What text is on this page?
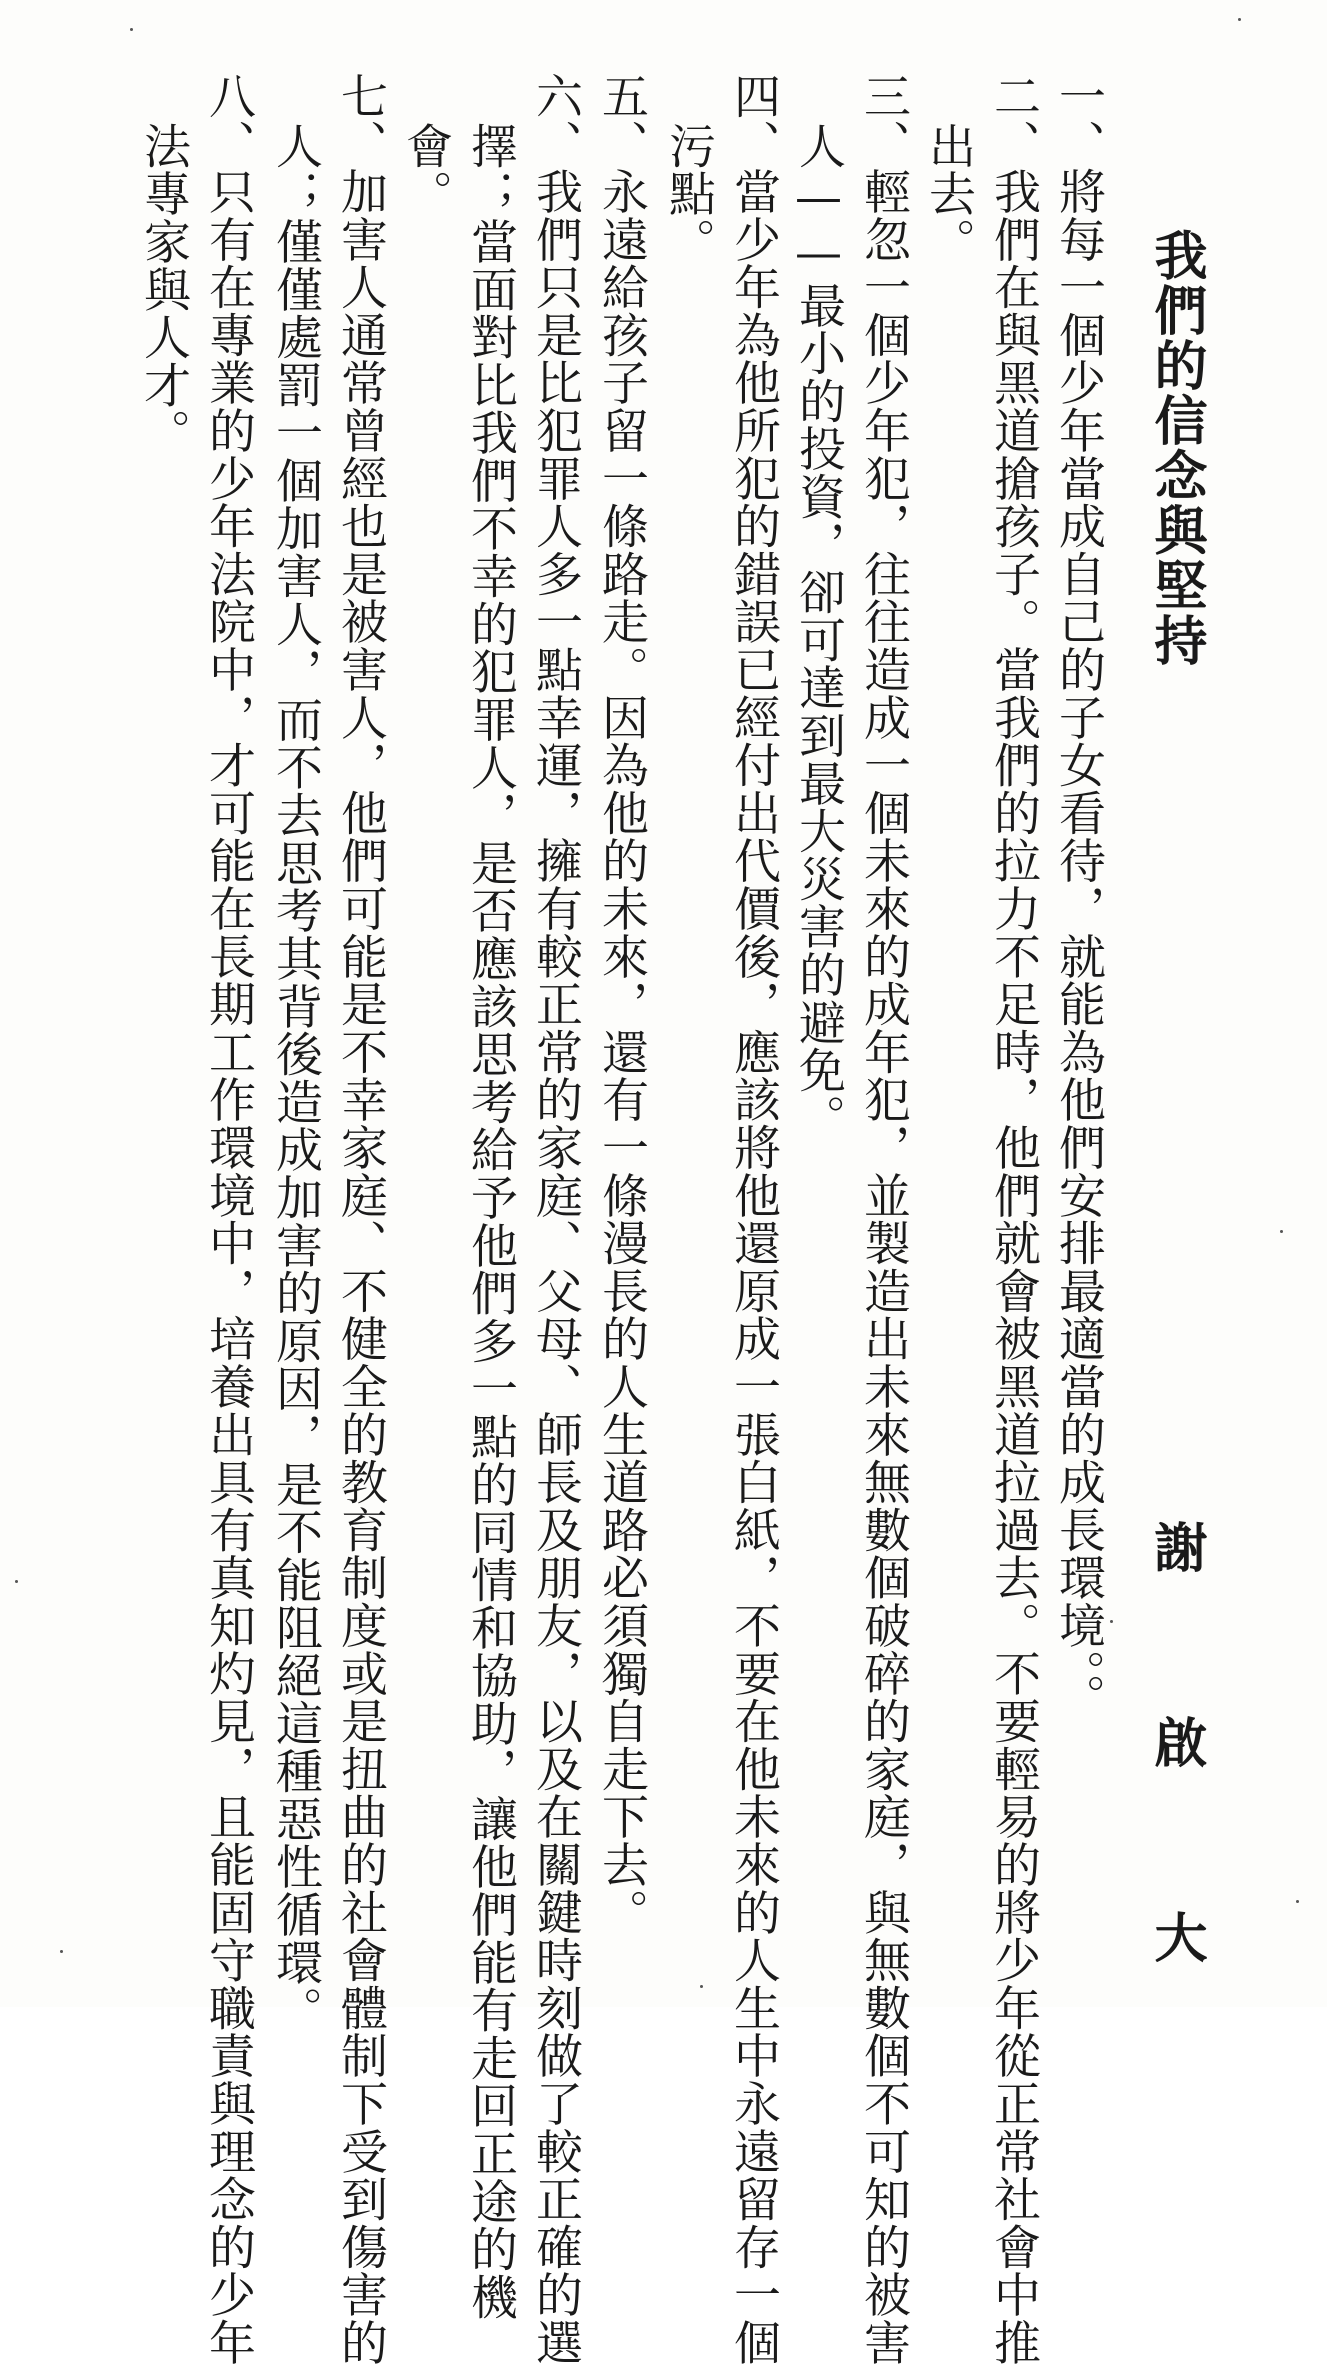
我們的信念與堅持
謝 啟 大
一、將每一個少年當成自己的子女看待，就能為他們安排最適當的成長環境。。
二、我們在與黑道搶孩子。當我們的拉力不足時，他們就會被黑道拉過去。不要輕易的將少年從正常社會中推
出去。
三、輕忽一個少年犯，往往造成一個未來的成年犯，並製造出未來無數個破碎的家庭，與無數個不可知的被害
人——最小的投資，卻可達到最大災害的避免。
四、當少年為他所犯的錯誤已經付出代價後，應該將他還原成一張白紙，不要在他未來的人生中永遠留存一個
污點。
五、永遠給孩子留一條路走。因為他的未來，還有一條漫長的人生道路必須獨自走下去。
六、我們只是比犯罪人多一點幸運，擁有較正常的家庭、父母、師長及朋友，以及在關鍵時刻做了較正確的選
擇；當面對比我們不幸的犯罪人，是否應該思考給予他們多一點的同情和協助，讓他們能有走回正途的機
會。
七、加害人通常曾經也是被害人，他們可能是不幸家庭、不健全的教育制度或是扭曲的社會體制下受到傷害的
人；僅僅處罰一個加害人，而不去思考其背後造成加害的原因，是不能阻絕這種惡性循環。
八、只有在專業的少年法院中，才可能在長期工作環境中，培養出具有真知灼見，且能固守職責與理念的少年
法專家與人才。
